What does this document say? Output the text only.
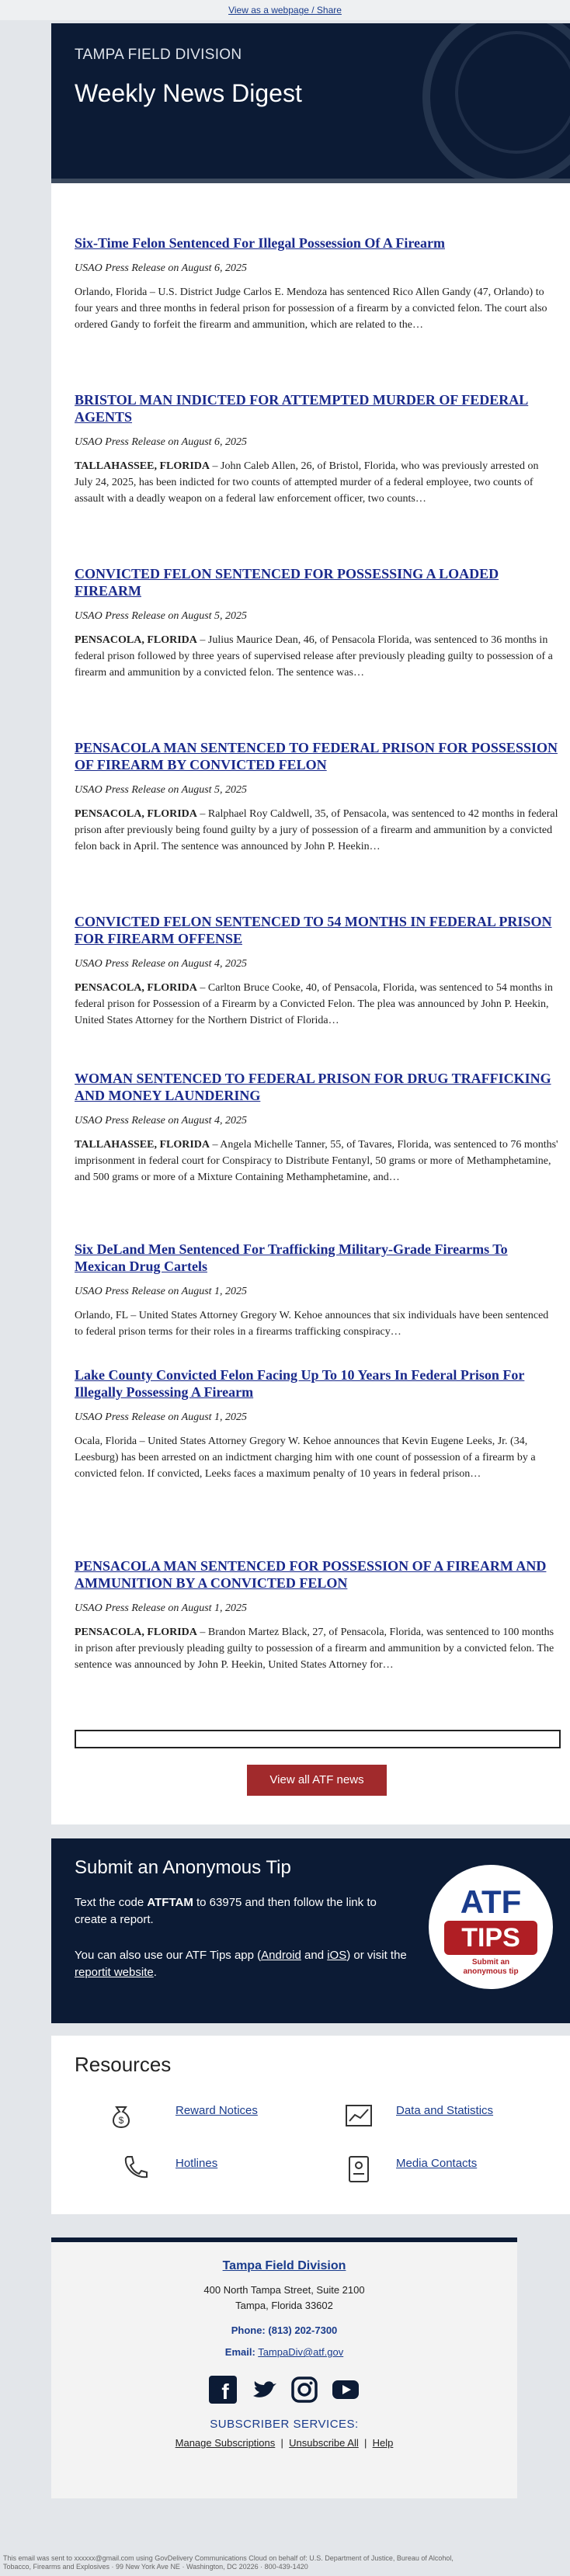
View as a webpage / Share
TAMPA FIELD DIVISION
Weekly News Digest
Six-Time Felon Sentenced For Illegal Possession Of A Firearm
USAO Press Release on August 6, 2025
Orlando, Florida – U.S. District Judge Carlos E. Mendoza has sentenced Rico Allen Gandy (47, Orlando) to four years and three months in federal prison for possession of a firearm by a convicted felon. The court also ordered Gandy to forfeit the firearm and ammunition, which are related to the…
BRISTOL MAN INDICTED FOR ATTEMPTED MURDER OF FEDERAL AGENTS
USAO Press Release on August 6, 2025
TALLAHASSEE, FLORIDA – John Caleb Allen, 26, of Bristol, Florida, who was previously arrested on July 24, 2025, has been indicted for two counts of attempted murder of a federal employee, two counts of assault with a deadly weapon on a federal law enforcement officer, two counts…
CONVICTED FELON SENTENCED FOR POSSESSING A LOADED FIREARM
USAO Press Release on August 5, 2025
PENSACOLA, FLORIDA – Julius Maurice Dean, 46, of Pensacola Florida, was sentenced to 36 months in federal prison followed by three years of supervised release after previously pleading guilty to possession of a firearm and ammunition by a convicted felon. The sentence was…
PENSACOLA MAN SENTENCED TO FEDERAL PRISON FOR POSSESSION OF FIREARM BY CONVICTED FELON
USAO Press Release on August 5, 2025
PENSACOLA, FLORIDA – Ralphael Roy Caldwell, 35, of Pensacola, was sentenced to 42 months in federal prison after previously being found guilty by a jury of possession of a firearm and ammunition by a convicted felon back in April. The sentence was announced by John P. Heekin…
CONVICTED FELON SENTENCED TO 54 MONTHS IN FEDERAL PRISON FOR FIREARM OFFENSE
USAO Press Release on August 4, 2025
PENSACOLA, FLORIDA – Carlton Bruce Cooke, 40, of Pensacola, Florida, was sentenced to 54 months in federal prison for Possession of a Firearm by a Convicted Felon. The plea was announced by John P. Heekin, United States Attorney for the Northern District of Florida…
WOMAN SENTENCED TO FEDERAL PRISON FOR DRUG TRAFFICKING AND MONEY LAUNDERING
USAO Press Release on August 4, 2025
TALLAHASSEE, FLORIDA – Angela Michelle Tanner, 55, of Tavares, Florida, was sentenced to 76 months' imprisonment in federal court for Conspiracy to Distribute Fentanyl, 50 grams or more of Methamphetamine, and 500 grams or more of a Mixture Containing Methamphetamine, and…
Six DeLand Men Sentenced For Trafficking Military-Grade Firearms To Mexican Drug Cartels
USAO Press Release on August 1, 2025
Orlando, FL – United States Attorney Gregory W. Kehoe announces that six individuals have been sentenced to federal prison terms for their roles in a firearms trafficking conspiracy…
Lake County Convicted Felon Facing Up To 10 Years In Federal Prison For Illegally Possessing A Firearm
USAO Press Release on August 1, 2025
Ocala, Florida – United States Attorney Gregory W. Kehoe announces that Kevin Eugene Leeks, Jr. (34, Leesburg) has been arrested on an indictment charging him with one count of possession of a firearm by a convicted felon. If convicted, Leeks faces a maximum penalty of 10 years in federal prison…
PENSACOLA MAN SENTENCED FOR POSSESSION OF A FIREARM AND AMMUNITION BY A CONVICTED FELON
USAO Press Release on August 1, 2025
PENSACOLA, FLORIDA – Brandon Martez Black, 27, of Pensacola, Florida, was sentenced to 100 months in prison after previously pleading guilty to possession of a firearm and ammunition by a convicted felon. The sentence was announced by John P. Heekin, United States Attorney for…
View all ATF news
Submit an Anonymous Tip

Text the code ATFTAM to 63975 and then follow the link to create a report.

You can also use our ATF Tips app (Android and iOS) or visit the reportit website.

ATF
TIPS
Submit an anonymous tip
Resources
$
Reward Notices	Data and Statistics
Hotlines	Media Contacts
Tampa Field Division
400 North Tampa Street, Suite 2100
Tampa, Florida 33602
Phone: (813) 202-7300
Email: TampaDiv@atf.gov
f

SUBSCRIBER SERVICES:
Manage Subscriptions | Unsubscribe All | Help
This email was sent to xxxxxx@gmail.com using GovDelivery Communications Cloud on behalf of: U.S. Department of Justice, Bureau of Alcohol,
Tobacco, Firearms and Explosives · 99 New York Ave NE · Washington, DC 20226 · 800-439-1420
